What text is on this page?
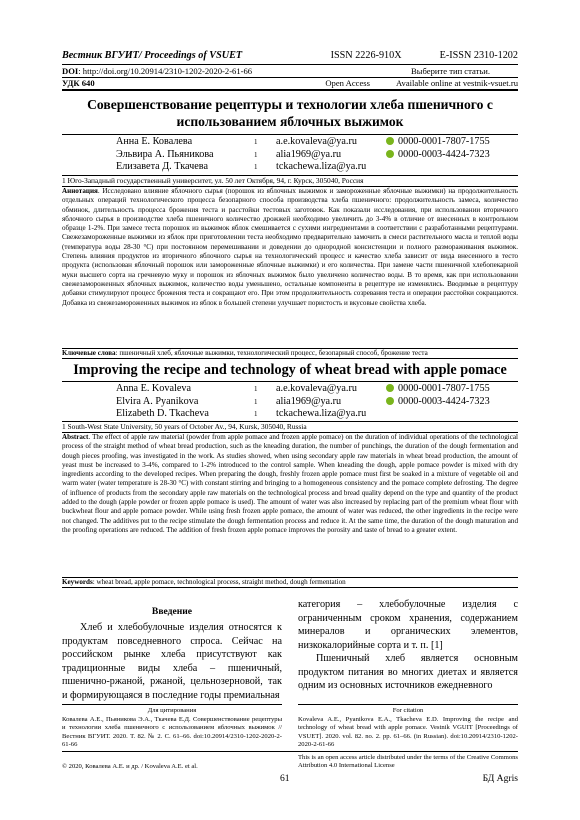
Вестник ВГУИТ/ Proceedings of VSUET	ISSN 2226-910X	E-ISSN 2310-1202
DOI: http://doi.org/10.20914/2310-1202-2020-2-61-66	Выберите тип статьи.
УДК 640	Open Access	Available online at vestnik-vsuet.ru
Совершенствование рецептуры и технологии хлеба пшеничного с использованием яблочных выжимок
Анна Е. Ковалева	1 a.e.kovaleva@ya.ru	0000-0001-7807-1755
Эльвира А. Пьяникова	1 alia1969@ya.ru	0000-0003-4424-7323
Елизавета Д. Ткачева	1 tckachewa.liza@ya.ru
1 Юго-Западный государственный университет, ул. 50 лет Октября, 94, г. Курск, 305040, Россия
Аннотация. Исследовано влияние яблочного сырья (порошок из яблочных выжимок и замороженные яблочные выжимки) на продолжительность отдельных операций технологического процесса безопарного способа производства хлеба пшеничного: продолжительность замеса, количество обминок, длительность процесса брожения теста и расстойки тестовых заготовок. Как показали исследования, при использовании вторичного яблочного сырья в производстве хлеба пшеничного количество дрожжей необходимо увеличить до 3-4% в отличие от внесенных в контрольном образце 1-2%. При замесе теста порошок из выжимок яблок смешивается с сухими ингредиентами в соответствии с разработанными рецептурами. Свежезамороженные выжимки из яблок при приготовлении теста необходимо предварительно замочить в смеси растительного масла и теплой воды (температура воды 28-30 °С) при постоянном перемешивании и доведении до однородной консистенции и полного размораживания выжимок. Степень влияния продуктов из вторичного яблочного сырья на технологический процесс и качество хлеба зависит от вида внесенного в тесто продукта (использован яблочный порошок или замороженные яблочные выжимки) и его количества. При замене части пшеничной хлебопекарной муки высшего сорта на гречневую муку и порошок из яблочных выжимок было увеличено количество воды. В то время, как при использовании свежезамороженных яблочных выжимок, количество воды уменьшено, остальные компоненты в рецептуре не изменялись. Вводимые в рецептуру добавки стимулируют процесс брожения теста и сокращают его. При этом продолжительность созревания теста и операции расстойки сокращаются. Добавка из свежезамороженных выжимок из яблок в большей степени улучшает пористость и вкусовые свойства хлеба.
Ключевые слова: пшеничный хлеб, яблочные выжимки, технологический процесс, безопарный способ, брожение теста
Improving the recipe and technology of wheat bread with apple pomace
Anna E. Kovaleva	1 a.e.kovaleva@ya.ru	0000-0001-7807-1755
Elvira A. Pyanikova	1 alia1969@ya.ru	0000-0003-4424-7323
Elizabeth D. Tkacheva	1 tckachewa.liza@ya.ru
1 South-West State University, 50 years of October Av., 94, Kursk, 305040, Russia
Abstract. The effect of apple raw material (powder from apple pomace and frozen apple pomace) on the duration of individual operations of the technological process of the straight method of wheat bread production, such as the kneading duration, the number of punchings, the duration of the dough fermentation and dough pieces proofing, was investigated in the work. As studies showed, when using secondary apple raw materials in wheat bread production, the amount of yeast must be increased to 3-4%, compared to 1-2% introduced to the control sample. When kneading the dough, apple pomace powder is mixed with dry ingredients according to the developed recipes. When preparing the dough, freshly frozen apple pomace must first be soaked in a mixture of vegetable oil and warm water (water temperature is 28-30 °C) with constant stirring and bringing to a homogeneous consistency and the pomace complete defrosting. The degree of influence of products from the secondary apple raw materials on the technological process and bread quality depend on the type and quantity of the product added to the dough (apple powder or frozen apple pomace is used). The amount of water was also increased by replacing part of the premium wheat flour with buckwheat flour and apple pomace powder. While using fresh frozen apple pomace, the amount of water was reduced, the other ingredients in the recipe were not changed. The additives put to the recipe stimulate the dough fermentation process and reduce it. At the same time, the duration of the dough maturation and the proofing operations are reduced. The addition of fresh frozen apple pomace improves the porosity and taste of bread to a greater extent.
Keywords: wheat bread, apple pomace, technological process, straight method, dough fermentation
Введение
Хлеб и хлебобулочные изделия относятся к продуктам повседневного спроса. Сейчас на российском рынке хлеба присутствуют как традиционные виды хлеба – пшеничный, пшенично-ржаной, ржаной, цельнозерновой, так и формирующаяся в последние годы премиальная
категория – хлебобулочные изделия с ограниченным сроком хранения, содержанием минералов и органических элементов, низкокалорийные сорта и т. п. [1]
Пшеничный хлеб является основным продуктом питания во многих диетах и является одним из основных источников ежедневного
Для цитирования
Ковалева А.Е., Пьяникова Э.А., Ткачева Е.Д. Совершенствование рецептуры и технологии хлеба пшеничного с использованием яблочных выжимок // Вестник ВГУИТ. 2020. Т. 82. № 2. С. 61–66. doi:10.20914/2310-1202-2020-2-61-66
For citation
Kovaleva A.E., Pyanikova E.A., Tkacheva E.D. Improving the recipe and technology of wheat bread with apple pomace. Vestnik VGUIT [Proceedings of VSUET]. 2020. vol. 82. no. 2. pp. 61–66. (in Russian). doi:10.20914/2310-1202-2020-2-61-66
© 2020, Ковалева А.Е. и др. / Kovaleva A.E. et al.
This is an open access article distributed under the terms of the Creative Commons Attribution 4.0 International License
61	БД Agris
